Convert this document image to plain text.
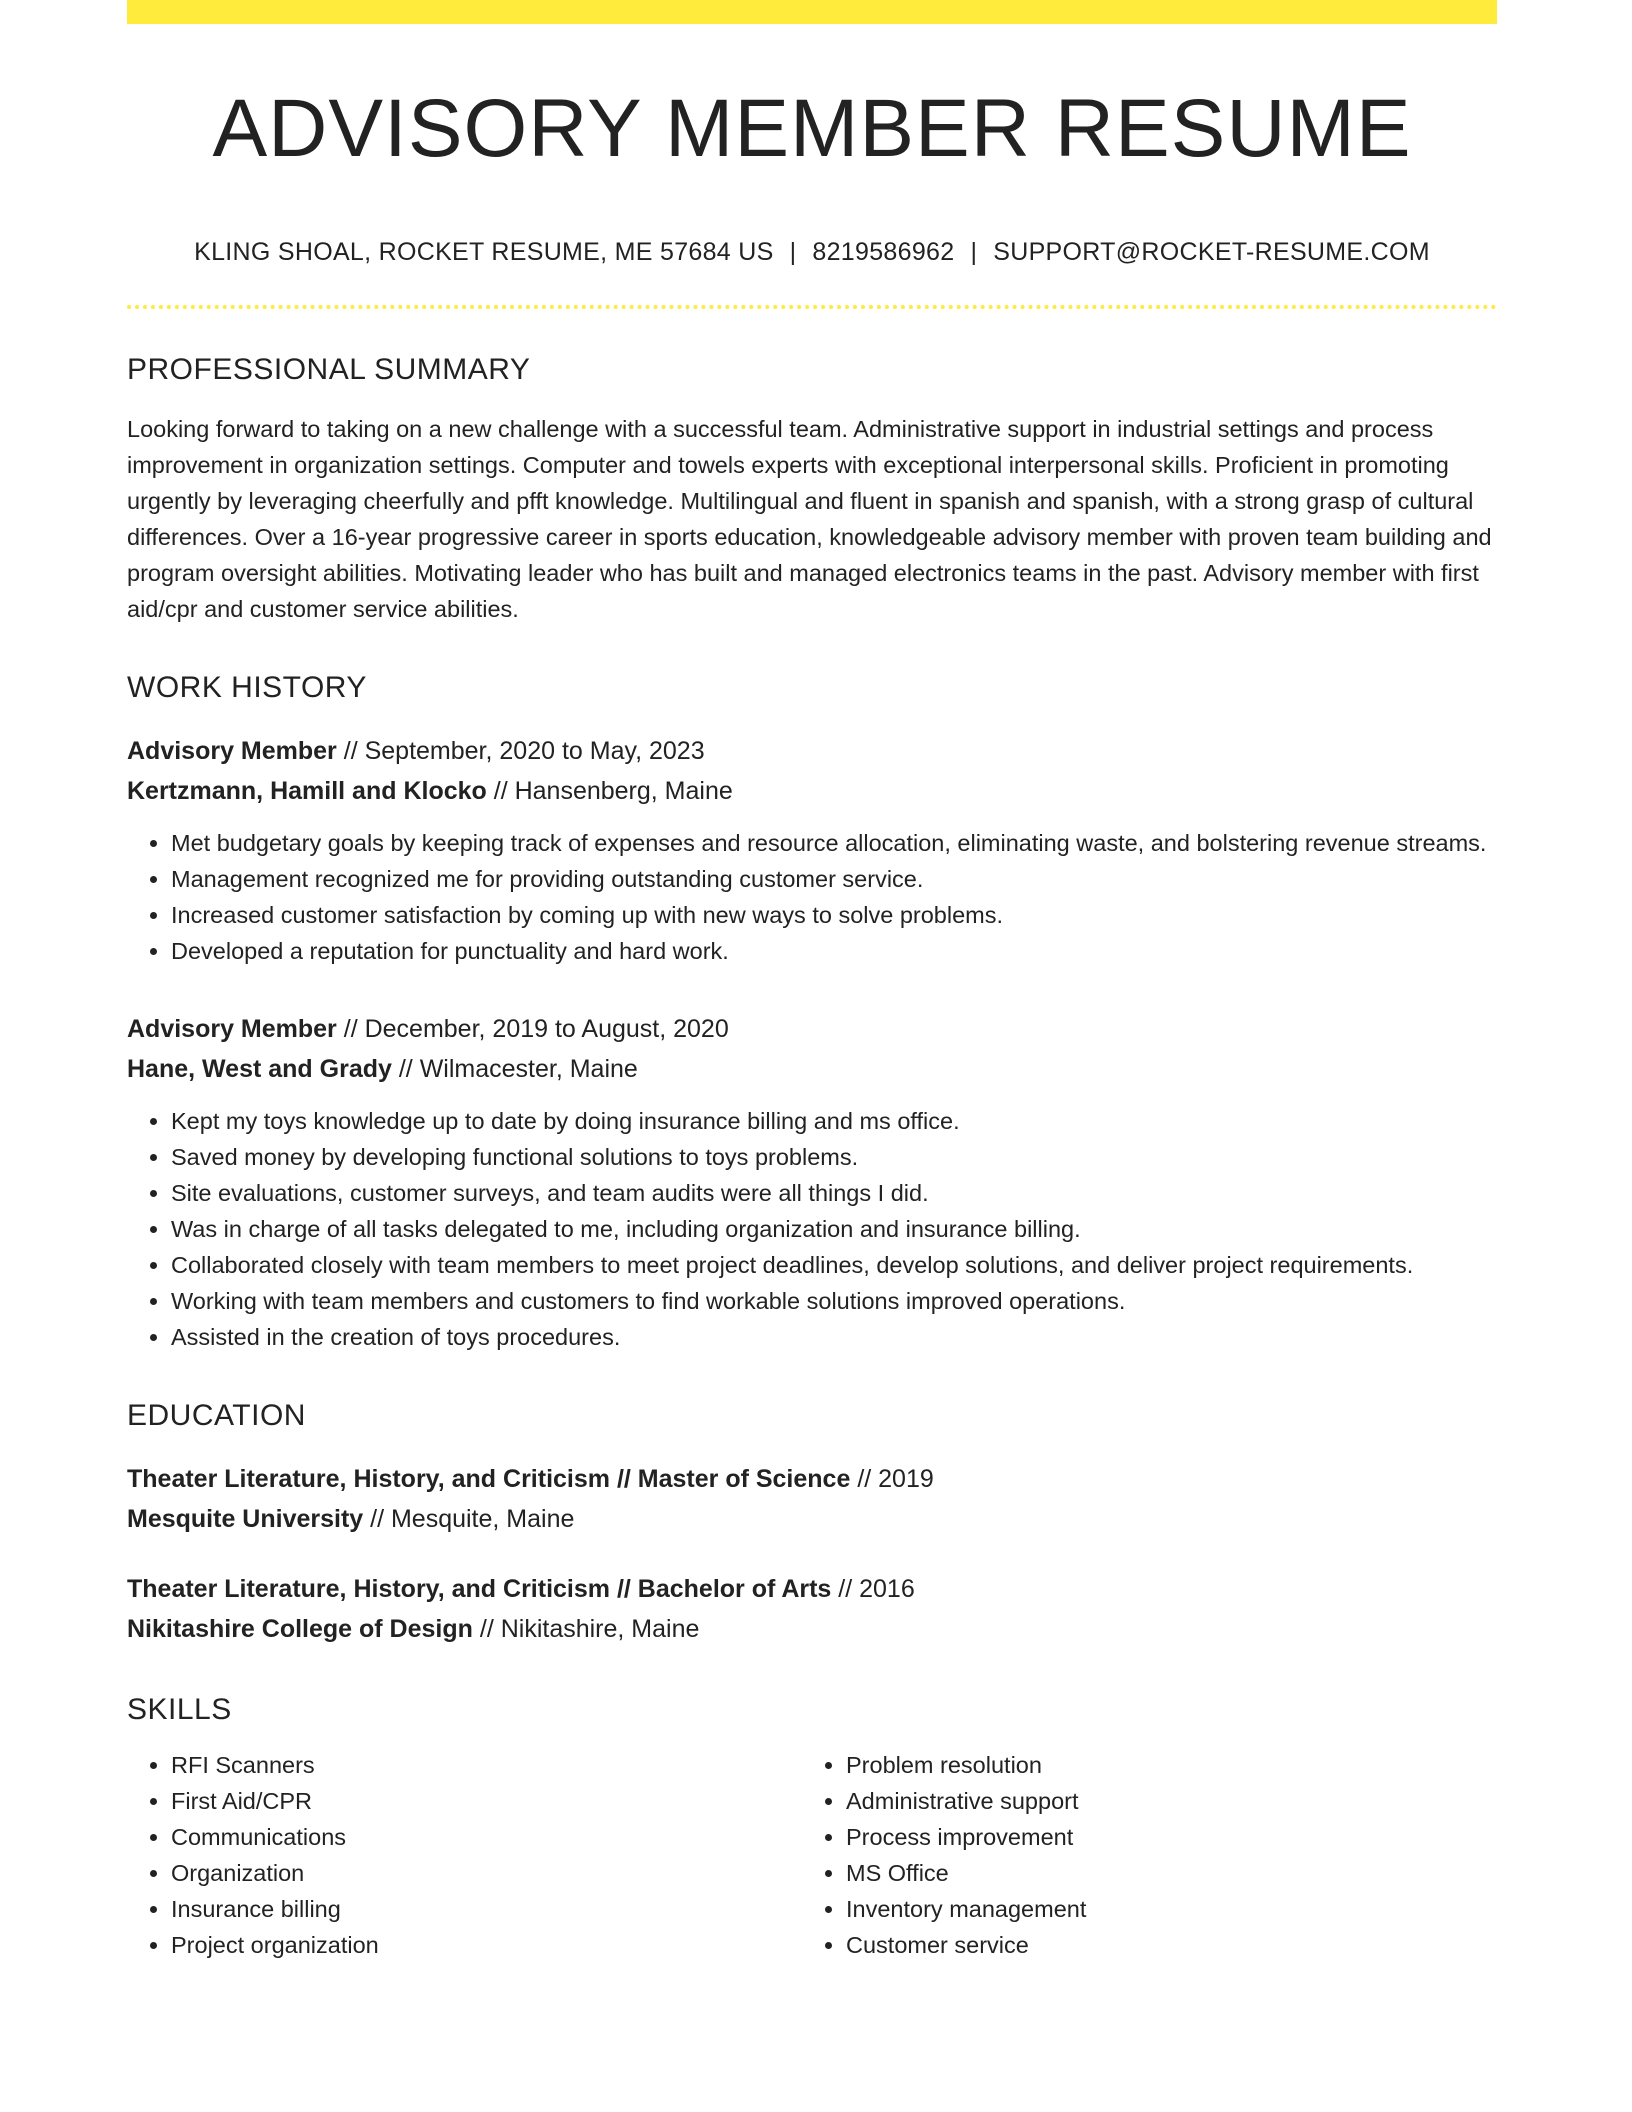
ADVISORY MEMBER RESUME
KLING SHOAL, ROCKET RESUME, ME 57684 US | 8219586962 | SUPPORT@ROCKET-RESUME.COM
PROFESSIONAL SUMMARY

Looking forward to taking on a new challenge with a successful team. Administrative support in industrial settings and process improvement in organization settings. Computer and towels experts with exceptional interpersonal skills. Proficient in promoting urgently by leveraging cheerfully and pfft knowledge. Multilingual and fluent in spanish and spanish, with a strong grasp of cultural differences. Over a 16-year progressive career in sports education, knowledgeable advisory member with proven team building and program oversight abilities. Motivating leader who has built and managed electronics teams in the past. Advisory member with first aid/cpr and customer service abilities.

WORK HISTORY
Advisory Member // September, 2020 to May, 2023
Kertzmann, Hamill and Klocko // Hansenberg, Maine
• Met budgetary goals by keeping track of expenses and resource allocation, eliminating waste, and bolstering revenue streams.
• Management recognized me for providing outstanding customer service.
• Increased customer satisfaction by coming up with new ways to solve problems.
• Developed a reputation for punctuality and hard work.
Advisory Member // December, 2019 to August, 2020
Hane, West and Grady // Wilmacester, Maine
• Kept my toys knowledge up to date by doing insurance billing and ms office.
• Saved money by developing functional solutions to toys problems.
• Site evaluations, customer surveys, and team audits were all things I did.
• Was in charge of all tasks delegated to me, including organization and insurance billing.
• Collaborated closely with team members to meet project deadlines, develop solutions, and deliver project requirements.
• Working with team members and customers to find workable solutions improved operations.
• Assisted in the creation of toys procedures.
EDUCATION
Theater Literature, History, and Criticism // Master of Science // 2019
Mesquite University // Mesquite, Maine
Theater Literature, History, and Criticism // Bachelor of Arts // 2016
Nikitashire College of Design // Nikitashire, Maine
SKILLS
• RFI Scanners
• First Aid/CPR
• Communications
• Organization
• Insurance billing
• Project organization
• Problem resolution
• Administrative support
• Process improvement
• MS Office
• Inventory management
• Customer service
